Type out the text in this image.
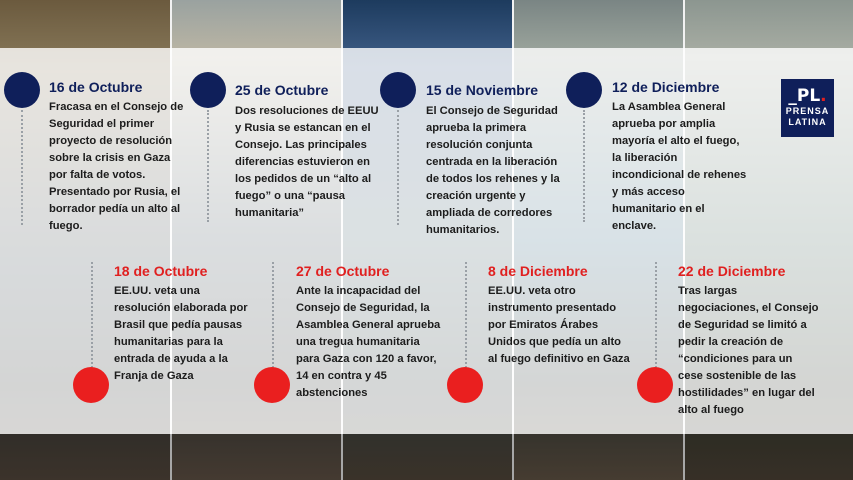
16 de Octubre
Fracasa en el Consejo de Seguridad el primer proyecto de resolución sobre la crisis en Gaza por falta de votos. Presentado por Rusia, el borrador pedía un alto al fuego.
25 de Octubre
Dos resoluciones de EEUU y Rusia se estancan en el Consejo. Las principales diferencias estuvieron en los pedidos de un “alto al fuego” o una “pausa humanitaria”
15 de Noviembre
El Consejo de Seguridad aprueba la primera resolución conjunta centrada en la liberación de todos los rehenes y la creación urgente y ampliada de corredores humanitarios.
12 de Diciembre
La Asamblea General aprueba por amplia mayoría el alto el fuego, la liberación incondicional de rehenes y más acceso humanitario en el enclave.
_PL.
PRENSA
LATINA
18 de Octubre
EE.UU. veta una resolución elaborada por Brasil que pedía pausas humanitarias para la entrada de ayuda a la Franja de Gaza
27 de Octubre
Ante la incapacidad del Consejo de Seguridad, la Asamblea General aprueba una tregua humanitaria para Gaza con 120 a favor, 14 en contra y 45 abstenciones
8 de Diciembre
EE.UU. veta otro instrumento presentado por Emiratos Árabes Unidos que pedía un alto al fuego definitivo en Gaza
22 de Diciembre
Tras largas negociaciones, el Consejo de Seguridad se limitó a pedir la creación de “condiciones para un cese sostenible de las hostilidades” en lugar del alto al fuego
